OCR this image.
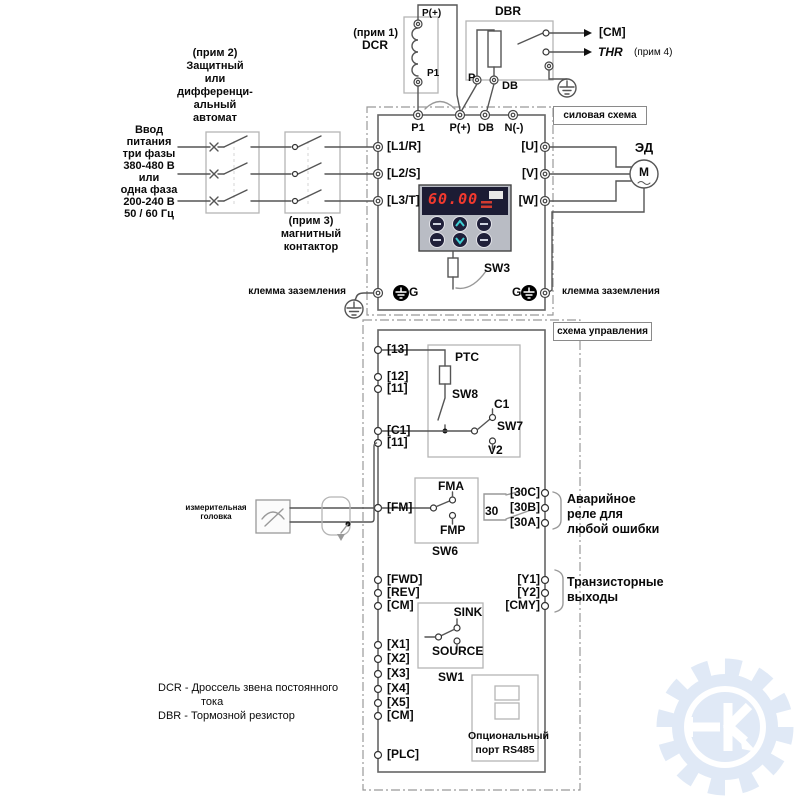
(прим 1)
DCR
P(+)
P1
DBR
P
DB
[CM]
THR (прим 4)
Ввод
питания
три фазы
380-480 В
или
одна фаза
200-240 В
50 / 60 Гц
(прим 2)
Защитный
или
дифференци-
альный
автомат
(прим 3)
магнитный
контактор
силовая схема
схема управления
P1	P(+) DB N(-)
[L1/R]
[L2/S]
[L3/T]
[U]
[V]
[W]
60.00
SW3
G	G
клемма заземления	клемма заземления
ЭД
M
[13]
[12]
[11]
[C1]
[11]
[FM]
[FWD]
[REV]
[CM]
[X1]
[X2]
[X3]
[X4]
[X5]
[CM]
[PLC]
PTC
SW8
C1
SW7
V2
измерительная
головка
FMA
FMP
SW6
30
[30C]
[30B]
[30A]
Аварийное
реле для
любой ошибки
[Y1]
[Y2]
[CMY]
Транзисторные
выходы
SINK
SOURCE
SW1
Опциональный
порт RS485
DCR - Дроссель звена постоянного
тока
DBR - Тормозной резистор
